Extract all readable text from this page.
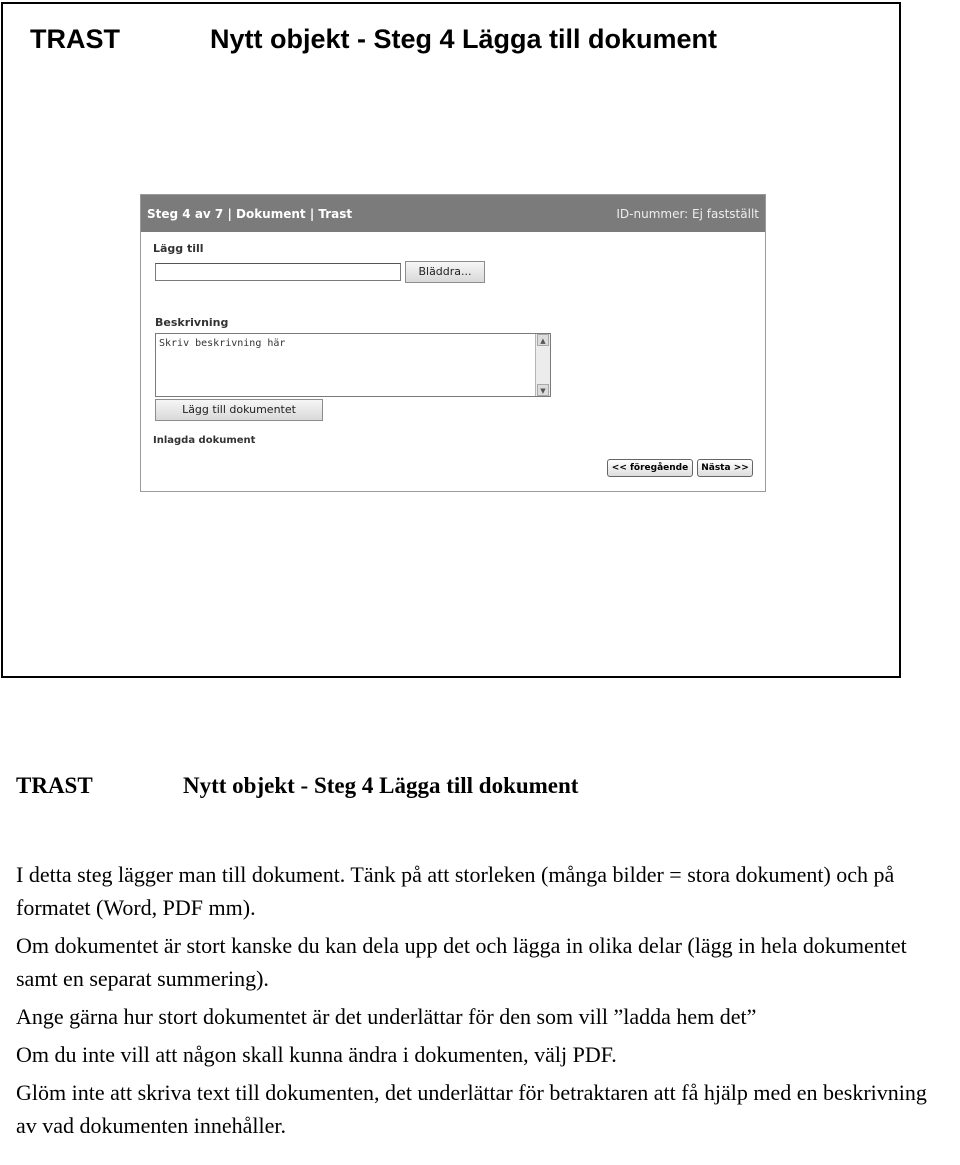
TRAST	Nytt objekt - Steg 4 Lägga till dokument
Steg 4 av 7 | Dokument | Trast	ID-nummer: Ej fastställt
Lägg till
Bläddra...
Beskrivning
Skriv beskrivning här	▲
▼
Lägg till dokumentet
Inlagda dokument
<< föregående	Nästa >>
TRAST	Nytt objekt - Steg 4 Lägga till dokument

I detta steg lägger man till dokument. Tänk på att storleken (många bilder = stora dokument) och på formatet (Word, PDF mm).

Om dokumentet är stort kanske du kan dela upp det och lägga in olika delar (lägg in hela dokumentet samt en separat summering).

Ange gärna hur stort dokumentet är det underlättar för den som vill ”ladda hem det”

Om du inte vill att någon skall kunna ändra i dokumenten, välj PDF.

Glöm inte att skriva text till dokumenten, det underlättar för betraktaren att få hjälp med en beskrivning av vad dokumenten innehåller.
